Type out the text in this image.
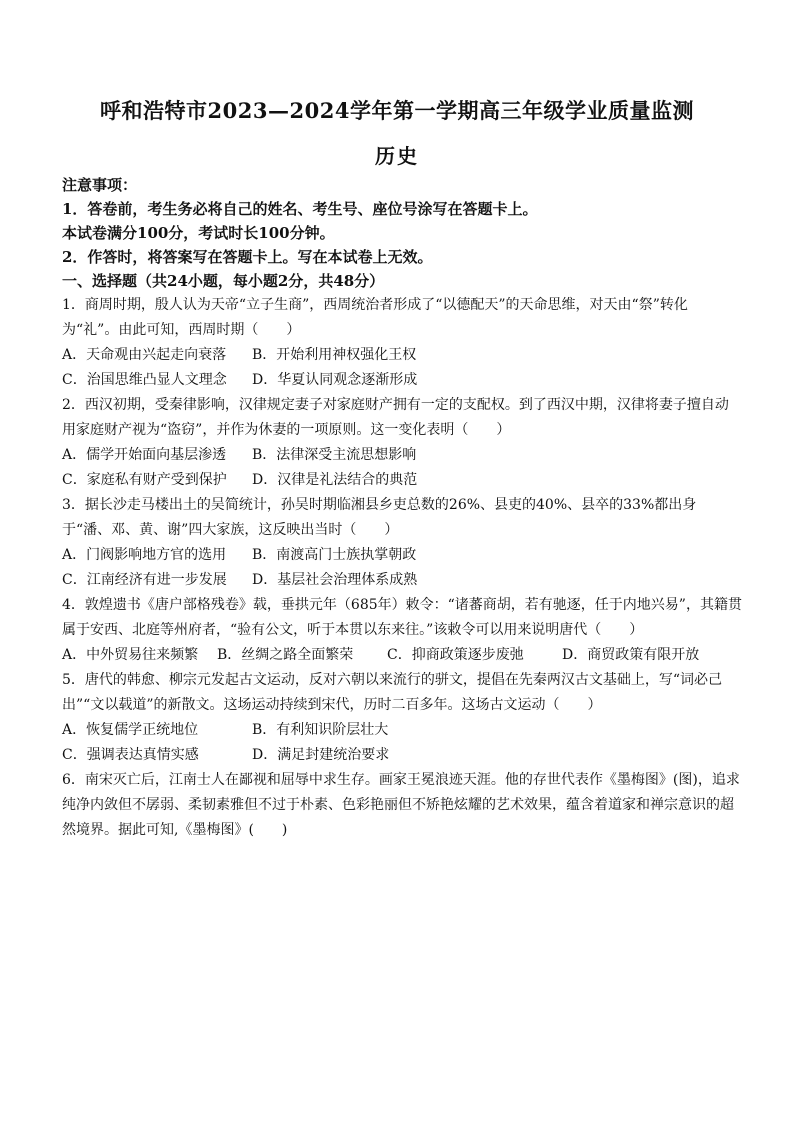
呼和浩特市2023—2024学年第一学期高三年级学业质量监测
历史
注意事项：
1．答卷前，考生务必将自己的姓名、考生号、座位号涂写在答题卡上。
本试卷满分100分，考试时长100分钟。
2．作答时，将答案写在答题卡上。写在本试卷上无效。
一、选择题（共24小题，每小题2分，共48分）
1．商周时期，殷人认为天帝“立子生商”，西周统治者形成了“以德配天”的天命思维，对天由“祭”转化为“礼”。由此可知，西周时期（　　）
A．天命观由兴起走向衰落 B．开始利用神权强化王权
C．治国思维凸显人文理念 D．华夏认同观念逐渐形成
2．西汉初期，受秦律影响，汉律规定妻子对家庭财产拥有一定的支配权。到了西汉中期，汉律将妻子擅自动用家庭财产视为“盗窃”，并作为休妻的一项原则。这一变化表明（　　）
A．儒学开始面向基层渗透 B．法律深受主流思想影响
C．家庭私有财产受到保护 D．汉律是礼法结合的典范
3．据长沙走马楼出土的吴简统计，孙吴时期临湘县乡吏总数的26%、县吏的40%、县卒的33%都出身于“潘、邓、黄、谢”四大家族，这反映出当时（　　）
A．门阀影响地方官的选用 B．南渡高门士族执掌朝政
C．江南经济有进一步发展 D．基层社会治理体系成熟
4．敦煌遗书《唐户部格残卷》载，垂拱元年（685年）敕令：“诸蕃商胡，若有驰逐，任于内地兴易”，其籍贯属于安西、北庭等州府者，“验有公文，听于本贯以东来往。”该敕令可以用来说明唐代（　　）
A．中外贸易往来频繁 B．丝绸之路全面繁荣 C．抑商政策逐步废弛	D．商贸政策有限开放
5．唐代的韩愈、柳宗元发起古文运动，反对六朝以来流行的骈文，提倡在先秦两汉古文基础上，写“词必己出”“文以载道”的新散文。这场运动持续到宋代，历时二百多年。这场古文运动（　　）
A．恢复儒学正统地位	B．有利知识阶层壮大
C．强调表达真情实感	D．满足封建统治要求
6．南宋灭亡后，江南士人在鄙视和屈辱中求生存。画家王冕浪迹天涯。他的存世代表作《墨梅图》(图)，追求纯净内敛但不孱弱、柔韧素雅但不过于朴素、色彩艳丽但不矫艳炫耀的艺术效果，蕴含着道家和禅宗意识的超然境界。据此可知,《墨梅图》(　　)
